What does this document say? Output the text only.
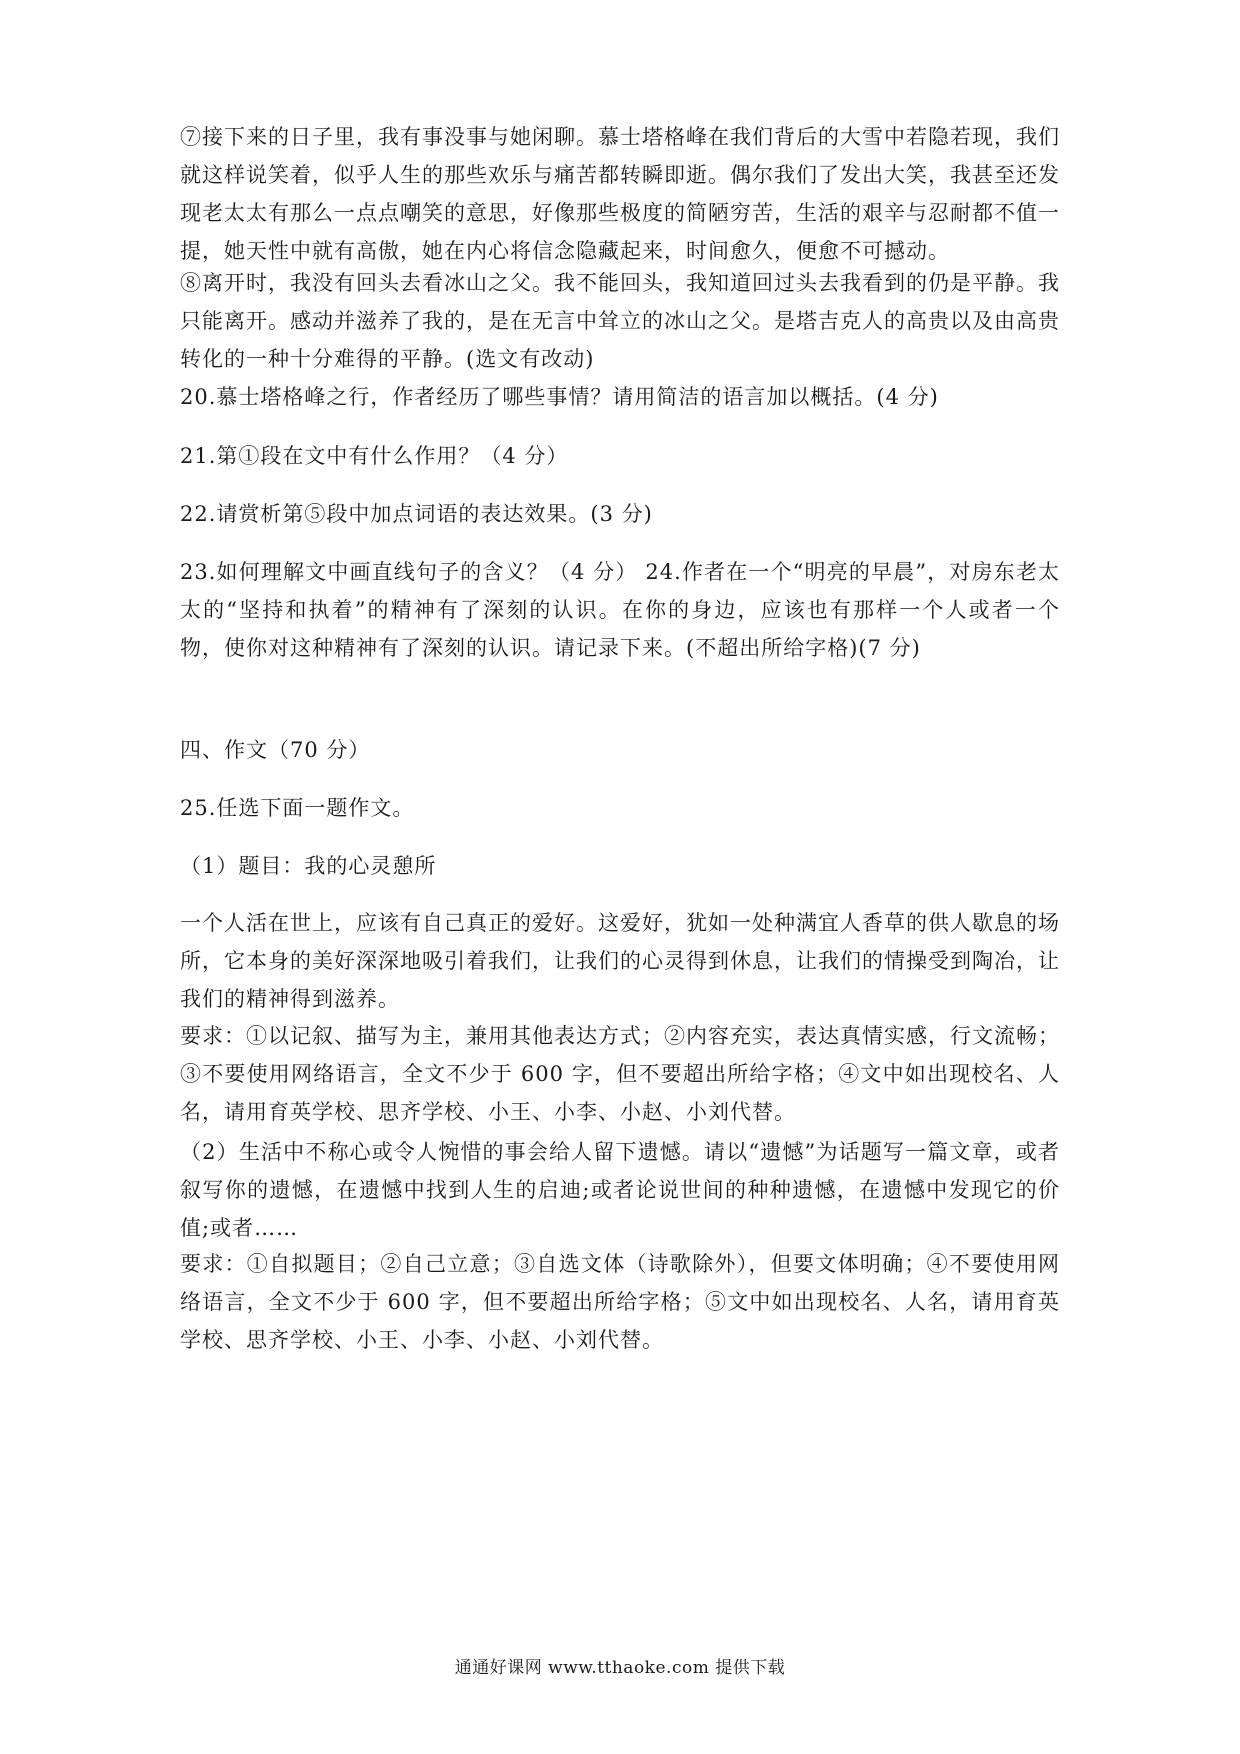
⑦接下来的日子里，我有事没事与她闲聊。慕士塔格峰在我们背后的大雪中若隐若现，我们就这样说笑着，似乎人生的那些欢乐与痛苦都转瞬即逝。偶尔我们了发出大笑，我甚至还发现老太太有那么一点点嘲笑的意思，好像那些极度的简陋穷苦，生活的艰辛与忍耐都不值一提，她天性中就有高傲，她在内心将信念隐藏起来，时间愈久，便愈不可撼动。

⑧离开时，我没有回头去看冰山之父。我不能回头，我知道回过头去我看到的仍是平静。我只能离开。感动并滋养了我的，是在无言中耸立的冰山之父。是塔吉克人的高贵以及由高贵转化的一种十分难得的平静。(选文有改动)

20.慕士塔格峰之行，作者经历了哪些事情？请用简洁的语言加以概括。(4 分)

21.第①段在文中有什么作用？（4 分）

22.请赏析第⑤段中加点词语的表达效果。(3 分)

23.如何理解文中画直线句子的含义？（4 分） 24.作者在一个“明亮的早晨”，对房东老太太的“坚持和执着”的精神有了深刻的认识。在你的身边，应该也有那样一个人或者一个物，使你对这种精神有了深刻的认识。请记录下来。(不超出所给字格)(7 分)

四、作文（70 分）

25.任选下面一题作文。

（1）题目：我的心灵憩所

一个人活在世上，应该有自己真正的爱好。这爱好，犹如一处种满宜人香草的供人歇息的场所，它本身的美好深深地吸引着我们，让我们的心灵得到休息，让我们的情操受到陶冶，让我们的精神得到滋养。

要求：①以记叙、描写为主，兼用其他表达方式；②内容充实，表达真情实感，行文流畅；③不要使用网络语言，全文不少于 600 字，但不要超出所给字格；④文中如出现校名、人名，请用育英学校、思齐学校、小王、小李、小赵、小刘代替。

（2）生活中不称心或令人惋惜的事会给人留下遗憾。请以“遗憾”为话题写一篇文章，或者叙写你的遗憾，在遗憾中找到人生的启迪;或者论说世间的种种遗憾，在遗憾中发现它的价值;或者……

要求：①自拟题目；②自己立意；③自选文体（诗歌除外），但要文体明确；④不要使用网络语言，全文不少于 600 字，但不要超出所给字格；⑤文中如出现校名、人名，请用育英学校、思齐学校、小王、小李、小赵、小刘代替。

通通好课网 www.tthaoke.com 提供下载
